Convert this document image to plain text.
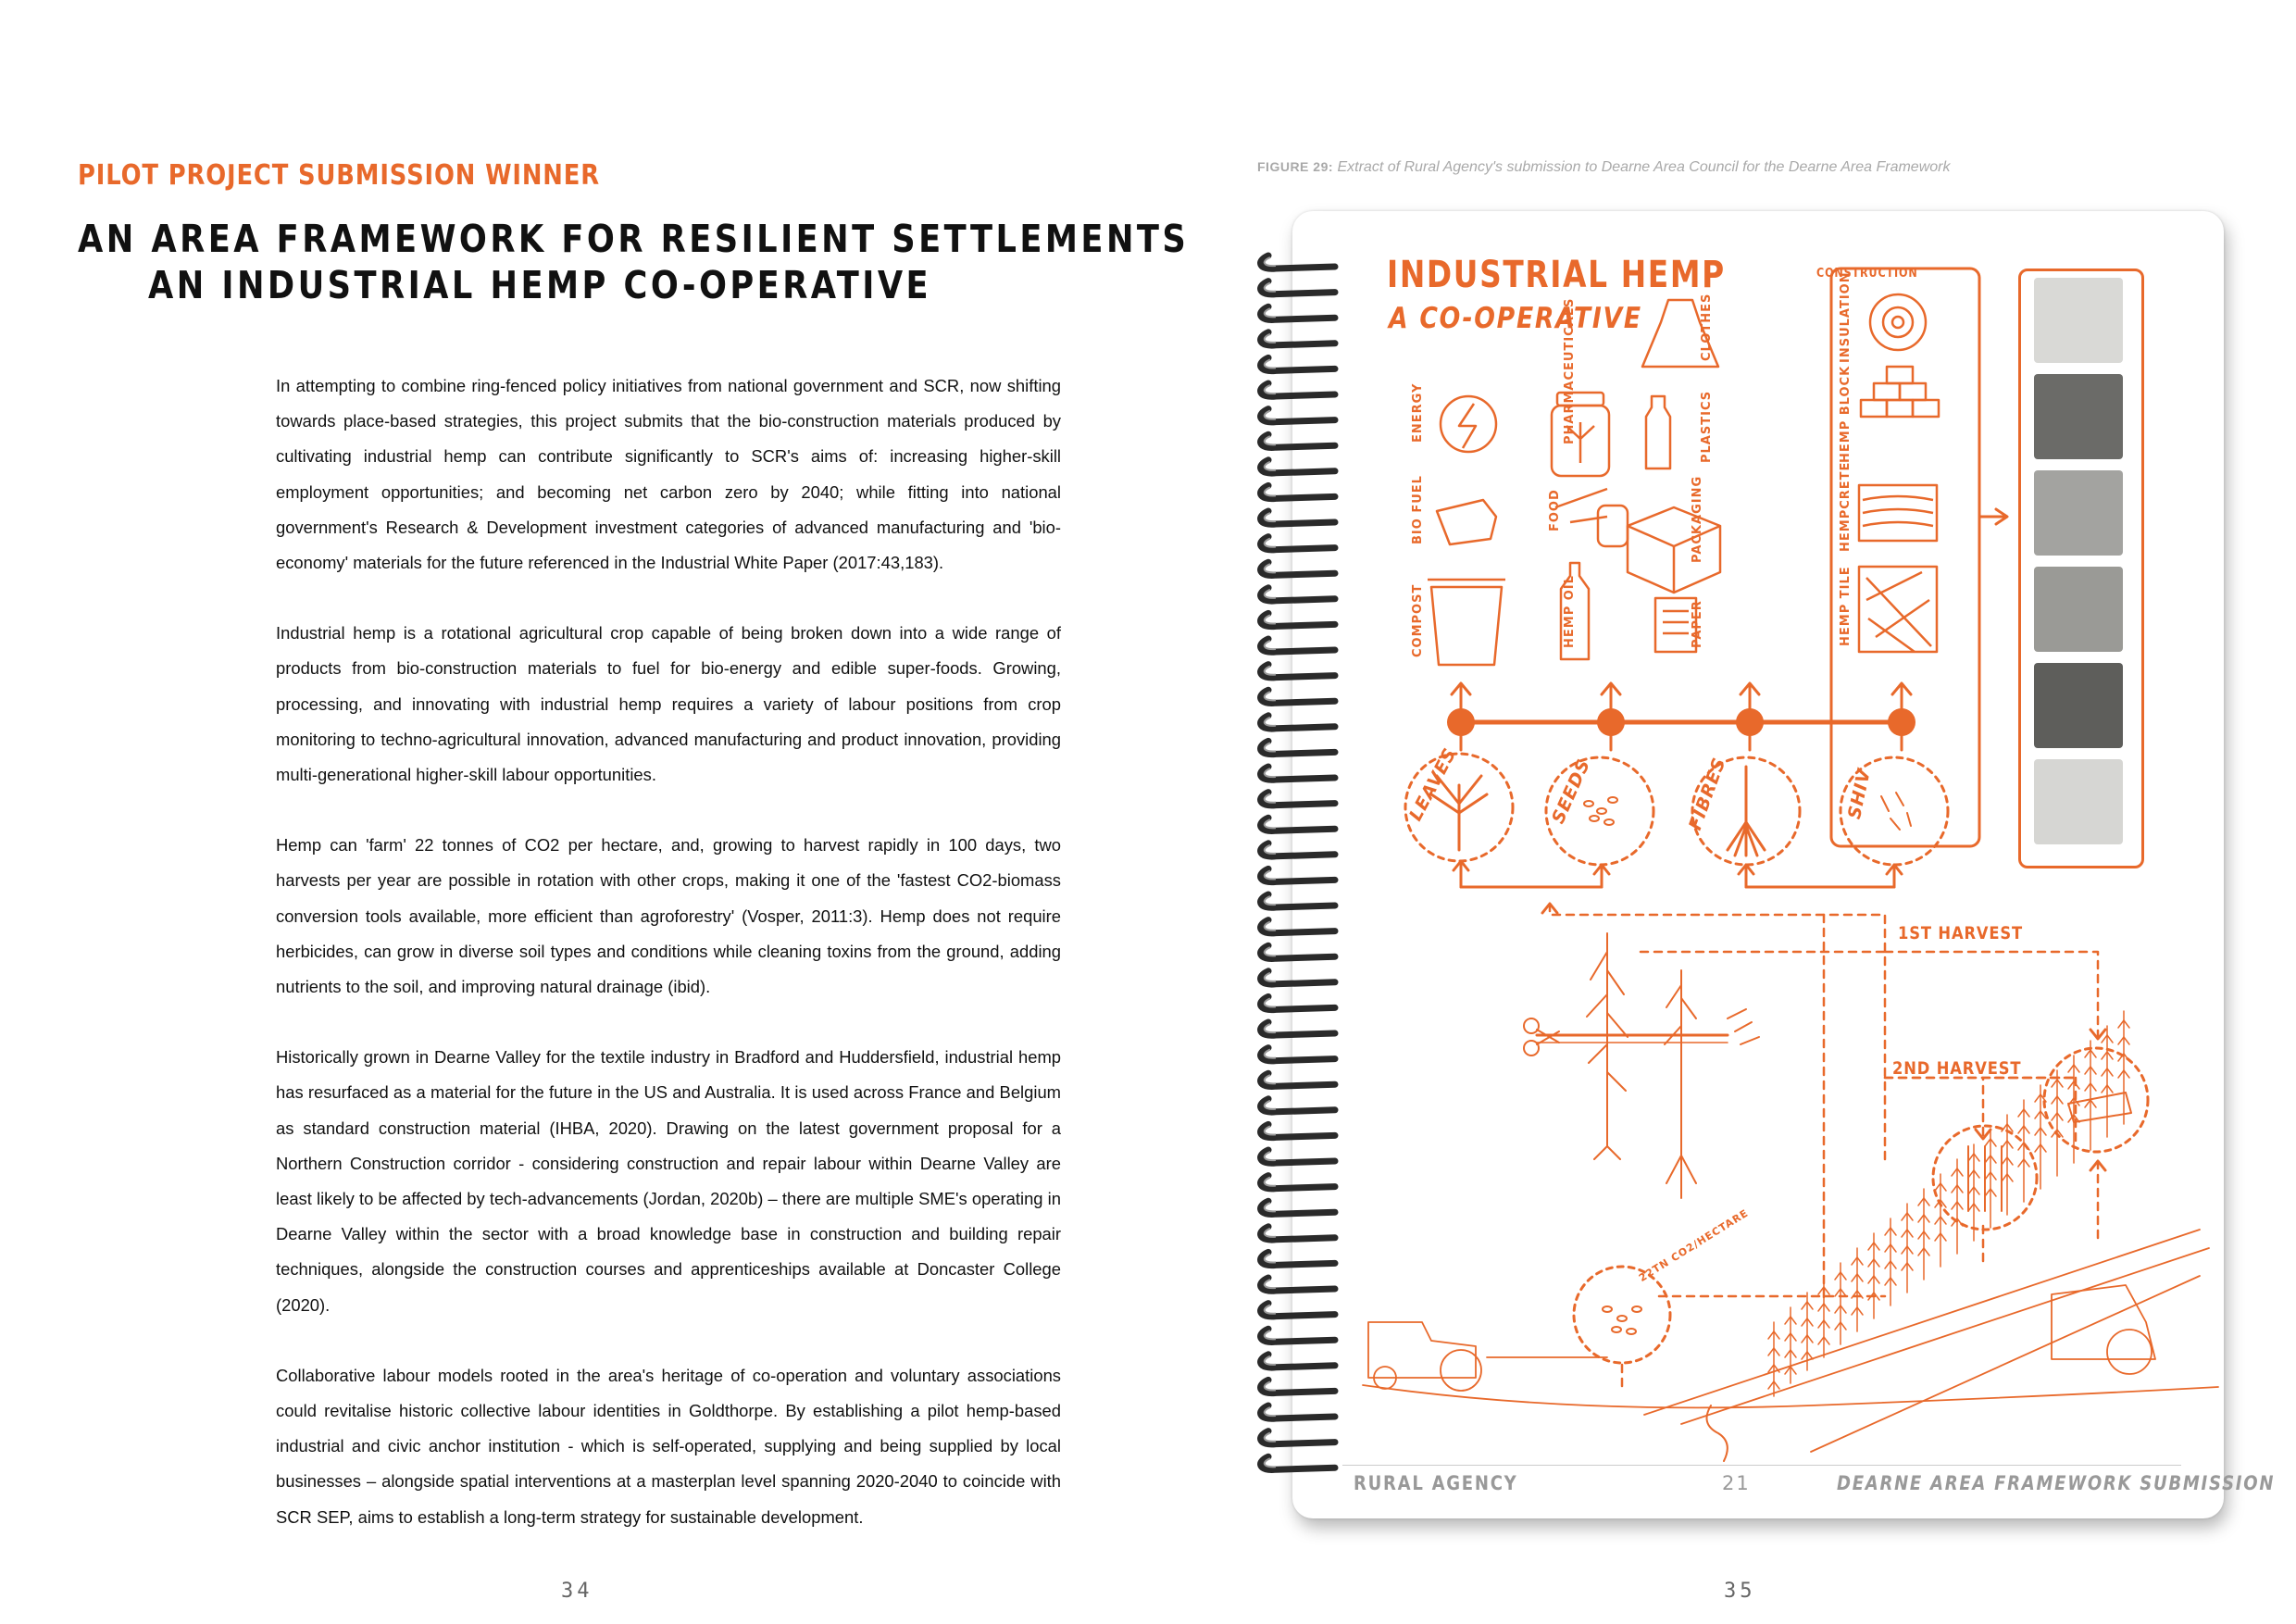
PILOT PROJECT SUBMISSION WINNER
AN AREA FRAMEWORK FOR RESILIENT SETTLEMENTS
AN INDUSTRIAL HEMP CO-OPERATIVE

In attempting to combine ring-fenced policy initiatives from national government and SCR, now shifting towards place-based strategies, this project submits that the bio-construction materials produced by cultivating industrial hemp can contribute significantly to SCR's aims of: increasing higher-skill employment opportunities; and becoming net carbon zero by 2040; while fitting into national government's Research & Development investment categories of advanced manufacturing and 'bio-economy' materials for the future referenced in the Industrial White Paper (2017:43,183).

Industrial hemp is a rotational agricultural crop capable of being broken down into a wide range of products from bio-construction materials to fuel for bio-energy and edible super-foods. Growing, processing, and innovating with industrial hemp requires a variety of labour positions from crop monitoring to techno-agricultural innovation, advanced manufacturing and product innovation, providing multi-generational higher-skill labour opportunities.

Hemp can 'farm' 22 tonnes of CO2 per hectare, and, growing to harvest rapidly in 100 days, two harvests per year are possible in rotation with other crops, making it one of the 'fastest CO2-biomass conversion tools available, more efficient than agroforestry' (Vosper, 2011:3). Hemp does not require herbicides, can grow in diverse soil types and conditions while cleaning toxins from the ground, adding nutrients to the soil, and improving natural drainage (ibid).

Historically grown in Dearne Valley for the textile industry in Bradford and Huddersfield, industrial hemp has resurfaced as a material for the future in the US and Australia. It is used across France and Belgium as standard construction material (IHBA, 2020). Drawing on the latest government proposal for a Northern Construction corridor - considering construction and repair labour within Dearne Valley are least likely to be affected by tech-advancements (Jordan, 2020b) – there are multiple SME's operating in Dearne Valley within the sector with a broad knowledge base in construction and building repair techniques, alongside the construction courses and apprenticeships available at Doncaster College (2020).

Collaborative labour models rooted in the area's heritage of co-operation and voluntary associations could revitalise historic collective labour identities in Goldthorpe. By establishing a pilot hemp-based industrial and civic anchor institution - which is self-operated, supplying and being supplied by local businesses – alongside spatial interventions at a masterplan level spanning 2020-2040 to coincide with SCR SEP, aims to establish a long-term strategy for sustainable development.

34
FIGURE 29: Extract of Rural Agency's submission to Dearne Area Council for the Dearne Area Framework
INDUSTRIAL HEMP
A CO-OPERATIVE
ENERGY
BIO FUEL
COMPOST
PHARMACEUTICALS
FOOD
HEMP OIL
CLOTHES
PLASTICS
PACKAGING
PAPER
CONSTRUCTION
INSULATION
HEMP BLOCK
HEMPCRETE
HEMP TILE
LEAVES	SEEDS	FIBRES	SHIV
1ST HARVEST
2ND HARVEST
22TN CO2/HECTARE
RURAL AGENCY	21	DEARNE AREA FRAMEWORK SUBMISSION
35
